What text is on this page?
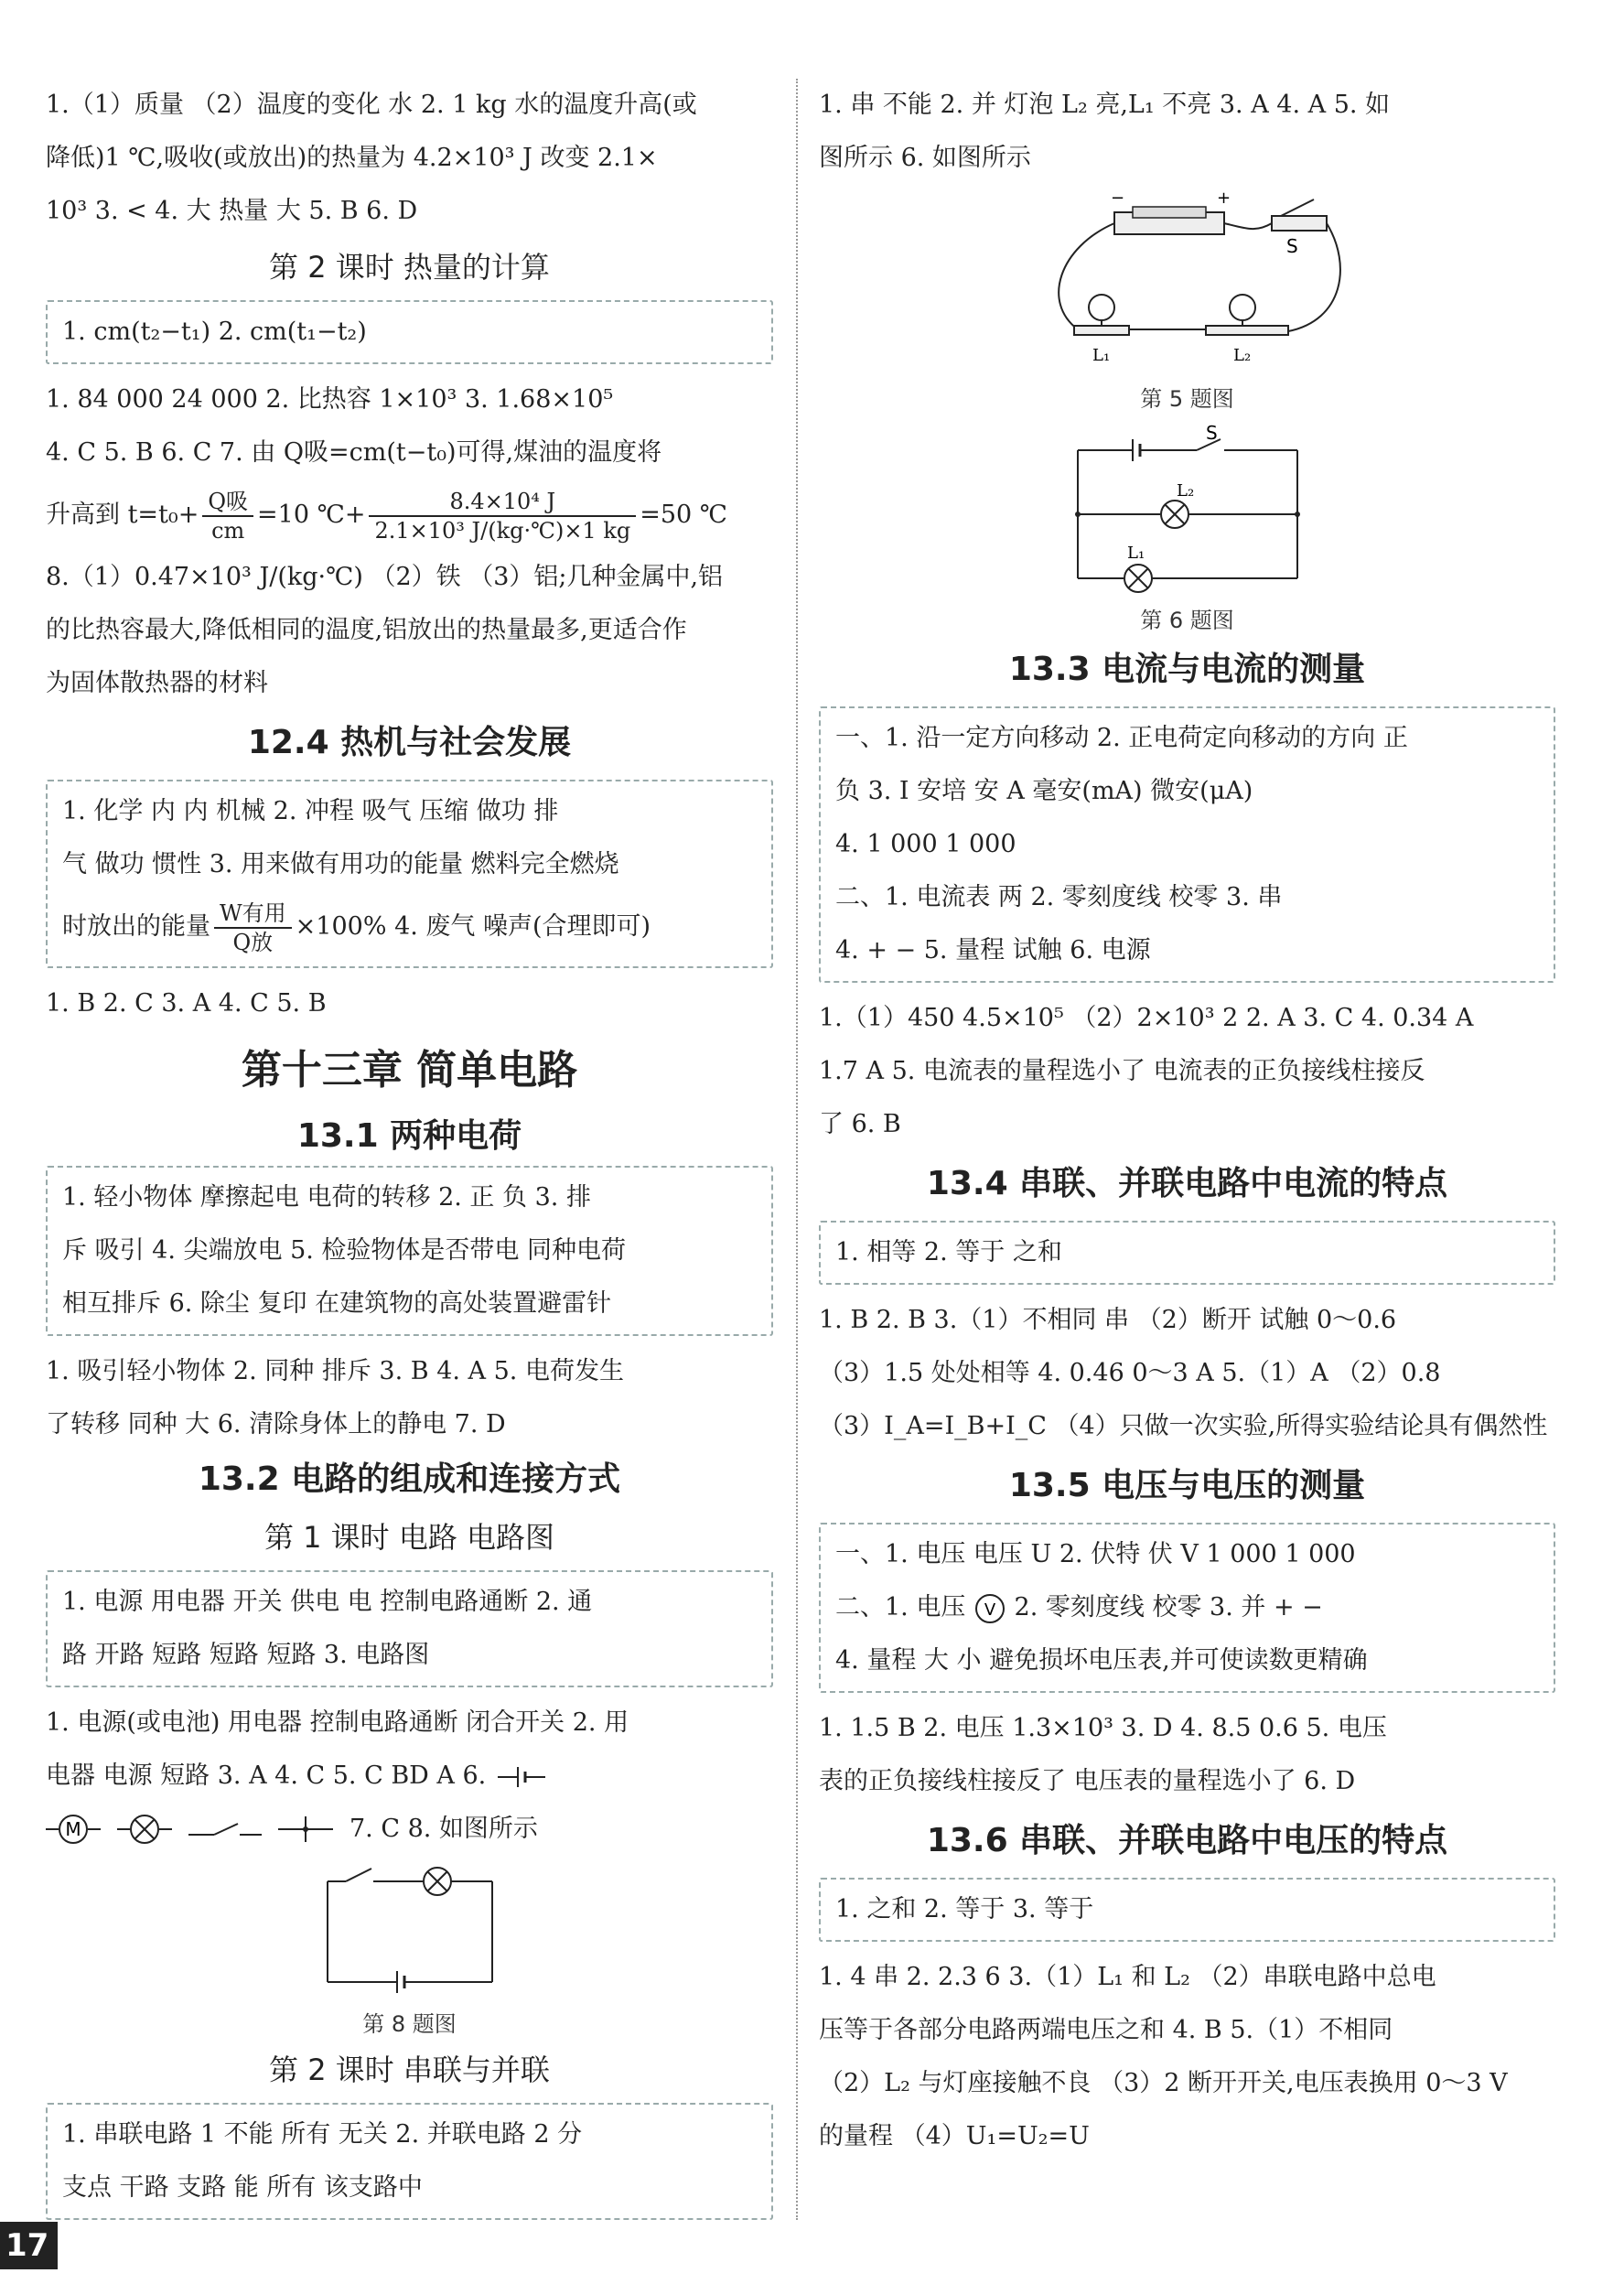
1.（1）质量 （2）温度的变化 水 2. 1 kg 水的温度升高(或

降低)1 ℃,吸收(或放出)的热量为 4.2×10³ J 改变 2.1×

10³ 3. < 4. 大 热量 大 5. B 6. D

第 2 课时 热量的计算

1. cm(t₂−t₁) 2. cm(t₁−t₂)

1. 84 000 24 000 2. 比热容 1×10³ 3. 1.68×10⁵

4. C 5. B 6. C 7. 由 Q吸=cm(t−t₀)可得,煤油的温度将

升高到 $t=t_0+ \frac{\text{Q吸}}{cm} =10$ ℃+ $\frac{\text{8.4×10⁴ J}}{\text{2.1×10³ J/(kg·℃)×1 kg}} =50$ ℃

8.（1）0.47×10³ J/(kg·℃) （2）铁 （3）铝;几种金属中,铝

的比热容最大,降低相同的温度,铝放出的热量最多,更适合作

为固体散热器的材料

12.4 热机与社会发展

1. 化学 内 内 机械 2. 冲程 吸气 压缩 做功 排

气 做功 惯性 3. 用来做有用功的能量 燃料完全燃烧

时放出的能量 $\frac{\text{W有用}}{\text{Q放}} \times 100\%$ 4. 废气 噪声(合理即可)

1. B 2. C 3. A 4. C 5. B

第十三章 简单电路

13.1 两种电荷

1. 轻小物体 摩擦起电 电荷的转移 2. 正 负 3. 排

斥 吸引 4. 尖端放电 5. 检验物体是否带电 同种电荷

相互排斥 6. 除尘 复印 在建筑物的高处装置避雷针

1. 吸引轻小物体 2. 同种 排斥 3. B 4. A 5. 电荷发生

了转移 同种 大 6. 清除身体上的静电 7. D

13.2 电路的组成和连接方式

第 1 课时 电路 电路图

1. 电源 用电器 开关 供电 电 控制电路通断 2. 通

路 开路 短路 短路 短路 3. 电路图

1. 电源(或电池) 用电器 控制电路通断 闭合开关 2. 用

电器 电源 短路 3. A 4. C 5. C BD A 6.

M	7. C 8. 如图所示

第 8 题图

第 2 课时 串联与并联

1. 串联电路 1 不能 所有 无关 2. 并联电路 2 分

支点 干路 支路 能 所有 该支路中

1. 串 不能 2. 并 灯泡 L₂ 亮,L₁ 不亮 3. A 4. A 5. 如

图所示 6. 如图所示

−	+
S
L₁	L₂

第 5 题图

S
L₂
L₁

第 6 题图

13.3 电流与电流的测量

一、1. 沿一定方向移动 2. 正电荷定向移动的方向 正

负 3. I 安培 安 A 毫安(mA) 微安(μA)

4. 1 000 1 000

二、1. 电流表 两 2. 零刻度线 校零 3. 串

4. + − 5. 量程 试触 6. 电源

1.（1）450 4.5×10⁵ （2）2×10³ 2 2. A 3. C 4. 0.34 A

1.7 A 5. 电流表的量程选小了 电流表的正负接线柱接反

了 6. B

13.4 串联、并联电路中电流的特点

1. 相等 2. 等于 之和

1. B 2. B 3.（1）不相同 串 （2）断开 试触 0～0.6

（3）1.5 处处相等 4. 0.46 0～3 A 5.（1）A （2）0.8

（3）I_A=I_B+I_C （4）只做一次实验,所得实验结论具有偶然性

13.5 电压与电压的测量

一、1. 电压 电压 U 2. 伏特 伏 V 1 000 1 000

二、1. 电压 V 2. 零刻度线 校零 3. 并 + −

4. 量程 大 小 避免损坏电压表,并可使读数更精确

1. 1.5 B 2. 电压 1.3×10³ 3. D 4. 8.5 0.6 5. 电压

表的正负接线柱接反了 电压表的量程选小了 6. D

13.6 串联、并联电路中电压的特点

1. 之和 2. 等于 3. 等于

1. 4 串 2. 2.3 6 3.（1）L₁ 和 L₂ （2）串联电路中总电

压等于各部分电路两端电压之和 4. B 5.（1）不相同

（2）L₂ 与灯座接触不良 （3）2 断开开关,电压表换用 0～3 V

的量程 （4）U₁=U₂=U

17
